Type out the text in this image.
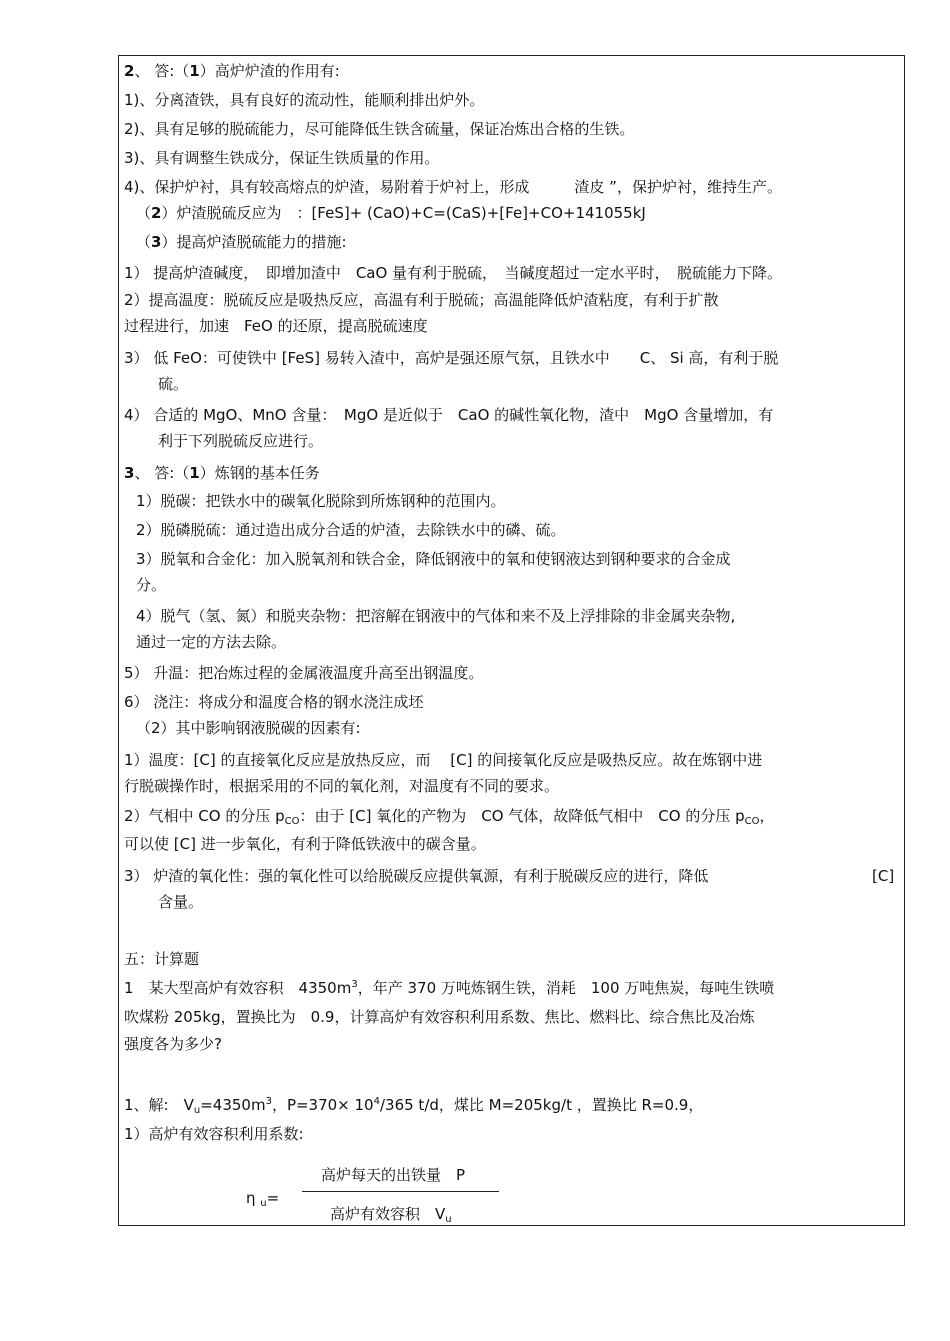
2、 答:（1）高炉炉渣的作用有:
1)、分离渣铁，具有良好的流动性，能顺利排出炉外。
2)、具有足够的脱硫能力，尽可能降低生铁含硫量，保证冶炼出合格的生铁。
3)、具有调整生铁成分，保证生铁质量的作用。
4)、保护炉衬，具有较高熔点的炉渣，易附着于炉衬上，形成　　　渣皮 ”，保护炉衬，维持生产。
（2）炉渣脱硫反应为　：[FeS]+ (CaO)+C=(CaS)+[Fe]+CO+141055kJ
（3）提高炉渣脱硫能力的措施:
1） 提高炉渣碱度，　即增加渣中　CaO 量有利于脱硫，　当碱度超过一定水平时，　脱硫能力下降。
2）提高温度：脱硫反应是吸热反应，高温有利于脱硫；高温能降低炉渣粘度，有利于扩散
过程进行，加速　FeO 的还原，提高脱硫速度
3） 低 FeO：可使铁中 [FeS] 易转入渣中，高炉是强还原气氛，且铁水中　　C、 Si 高，有利于脱
硫。
4） 合适的 MgO、MnO 含量：　MgO 是近似于　CaO 的碱性氧化物，渣中　MgO 含量增加，有
利于下列脱硫反应进行。
3、 答:（1）炼钢的基本任务
1）脱碳：把铁水中的碳氧化脱除到所炼钢种的范围内。
2）脱磷脱硫：通过造出成分合适的炉渣，去除铁水中的磷、硫。
3）脱氧和合金化：加入脱氧剂和铁合金，降低钢液中的氧和使钢液达到钢种要求的合金成
分。
4）脱气（氢、氮）和脱夹杂物：把溶解在钢液中的气体和来不及上浮排除的非金属夹杂物,
通过一定的方法去除。
5） 升温：把冶炼过程的金属液温度升高至出钢温度。
6） 浇注：将成分和温度合格的钢水浇注成坯
（2）其中影响钢液脱碳的因素有:
1）温度：[C] 的直接氧化反应是放热反应，而　 [C] 的间接氧化反应是吸热反应。故在炼钢中进
行脱碳操作时，根据采用的不同的氧化剂，对温度有不同的要求。
2）气相中 CO 的分压 $p_{CO}$：由于 [C] 氧化的产物为　CO 气体，故降低气相中　CO 的分压 $p_{CO}$，
可以使 [C] 进一步氧化，有利于降低铁液中的碳含量。
3） 炉渣的氧化性：强的氧化性可以给脱碳反应提供氧源，有利于脱碳反应的进行，降低	[C]
含量。
五：计算题
1　某大型高炉有效容积　$4350m^3$，年产 370 万吨炼钢生铁，消耗　100 万吨焦炭，每吨生铁喷
吹煤粉 205kg，置换比为　0.9，计算高炉有效容积利用系数、焦比、燃料比、综合焦比及冶炼
强度各为多少?
1、解:　$V_u=4350m^3$，$P=370\times 10^4/365$ t/d，煤比 M=205kg/t ，置换比 R=0.9，
1）高炉有效容积利用系数:
高炉每天的出铁量　P
η $_u$=
高炉有效容积　$V_u$
